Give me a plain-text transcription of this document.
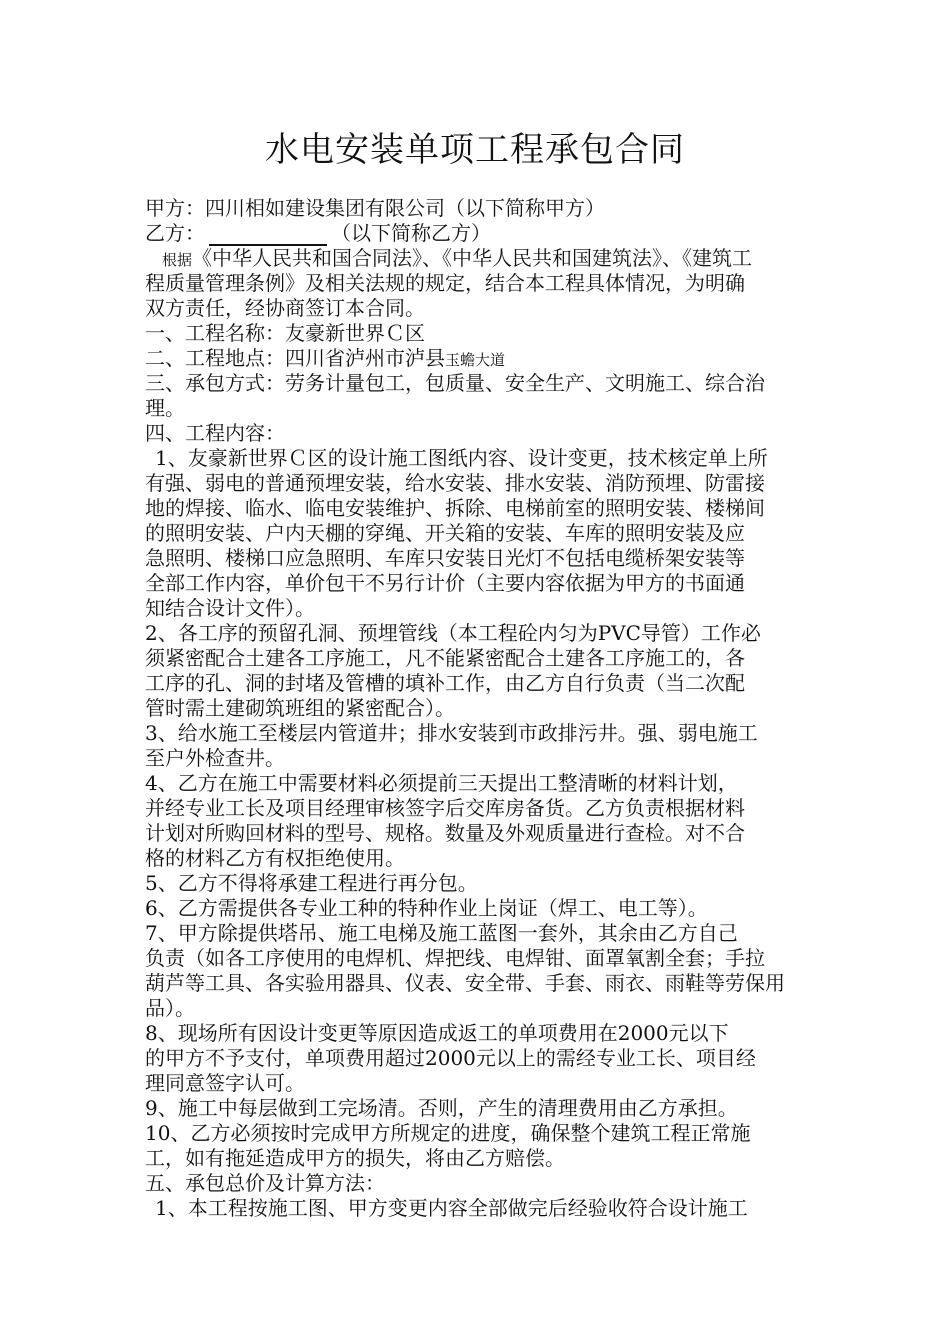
水电安装单项工程承包合同
甲方：四川相如建设集团有限公司（以下简称甲方）
乙方：	（以下简称乙方）
根据《中华人民共和国合同法》、《中华人民共和国建筑法》、《建筑工
程质量管理条例》及相关法规的规定，结合本工程具体情况，为明确
双方责任，经协商签订本合同。
一、工程名称：友豪新世界Ｃ区
二、工程地点：四川省泸州市泸县玉蟾大道
三、承包方式：劳务计量包工，包质量、安全生产、文明施工、综合治
理。
四、工程内容：
1、友豪新世界Ｃ区的设计施工图纸内容、设计变更，技术核定单上所
有强、弱电的普通预埋安装，给水安装、排水安装、消防预埋、防雷接
地的焊接、临水、临电安装维护、拆除、电梯前室的照明安装、楼梯间
的照明安装、户内天棚的穿绳、开关箱的安装、车库的照明安装及应
急照明、楼梯口应急照明、车库只安装日光灯不包括电缆桥架安装等
全部工作内容，单价包干不另行计价（主要内容依据为甲方的书面通
知结合设计文件）。
2、各工序的预留孔洞、预埋管线（本工程砼内匀为PVC导管）工作必
须紧密配合土建各工序施工，凡不能紧密配合土建各工序施工的，各
工序的孔、洞的封堵及管槽的填补工作，由乙方自行负责（当二次配
管时需土建砌筑班组的紧密配合）。
3、给水施工至楼层内管道井；排水安装到市政排污井。强、弱电施工
至户外检查井。
4、乙方在施工中需要材料必须提前三天提出工整清晰的材料计划，
并经专业工长及项目经理审核签字后交库房备货。乙方负责根据材料
计划对所购回材料的型号、规格。数量及外观质量进行查检。对不合
格的材料乙方有权拒绝使用。
5、乙方不得将承建工程进行再分包。
6、乙方需提供各专业工种的特种作业上岗证（焊工、电工等）。
7、甲方除提供塔吊、施工电梯及施工蓝图一套外，其余由乙方自己
负责（如各工序使用的电焊机、焊把线、电焊钳、面罩氧割全套；手拉
葫芦等工具、各实验用器具、仪表、安全带、手套、雨衣、雨鞋等劳保用
品）。
8、现场所有因设计变更等原因造成返工的单项费用在2000元以下
的甲方不予支付，单项费用超过2000元以上的需经专业工长、项目经
理同意签字认可。
9、施工中每层做到工完场清。否则，产生的清理费用由乙方承担。
10、乙方必须按时完成甲方所规定的进度，确保整个建筑工程正常施
工，如有拖延造成甲方的损失，将由乙方赔偿。
五、承包总价及计算方法：
1、本工程按施工图、甲方变更内容全部做完后经验收符合设计施工
